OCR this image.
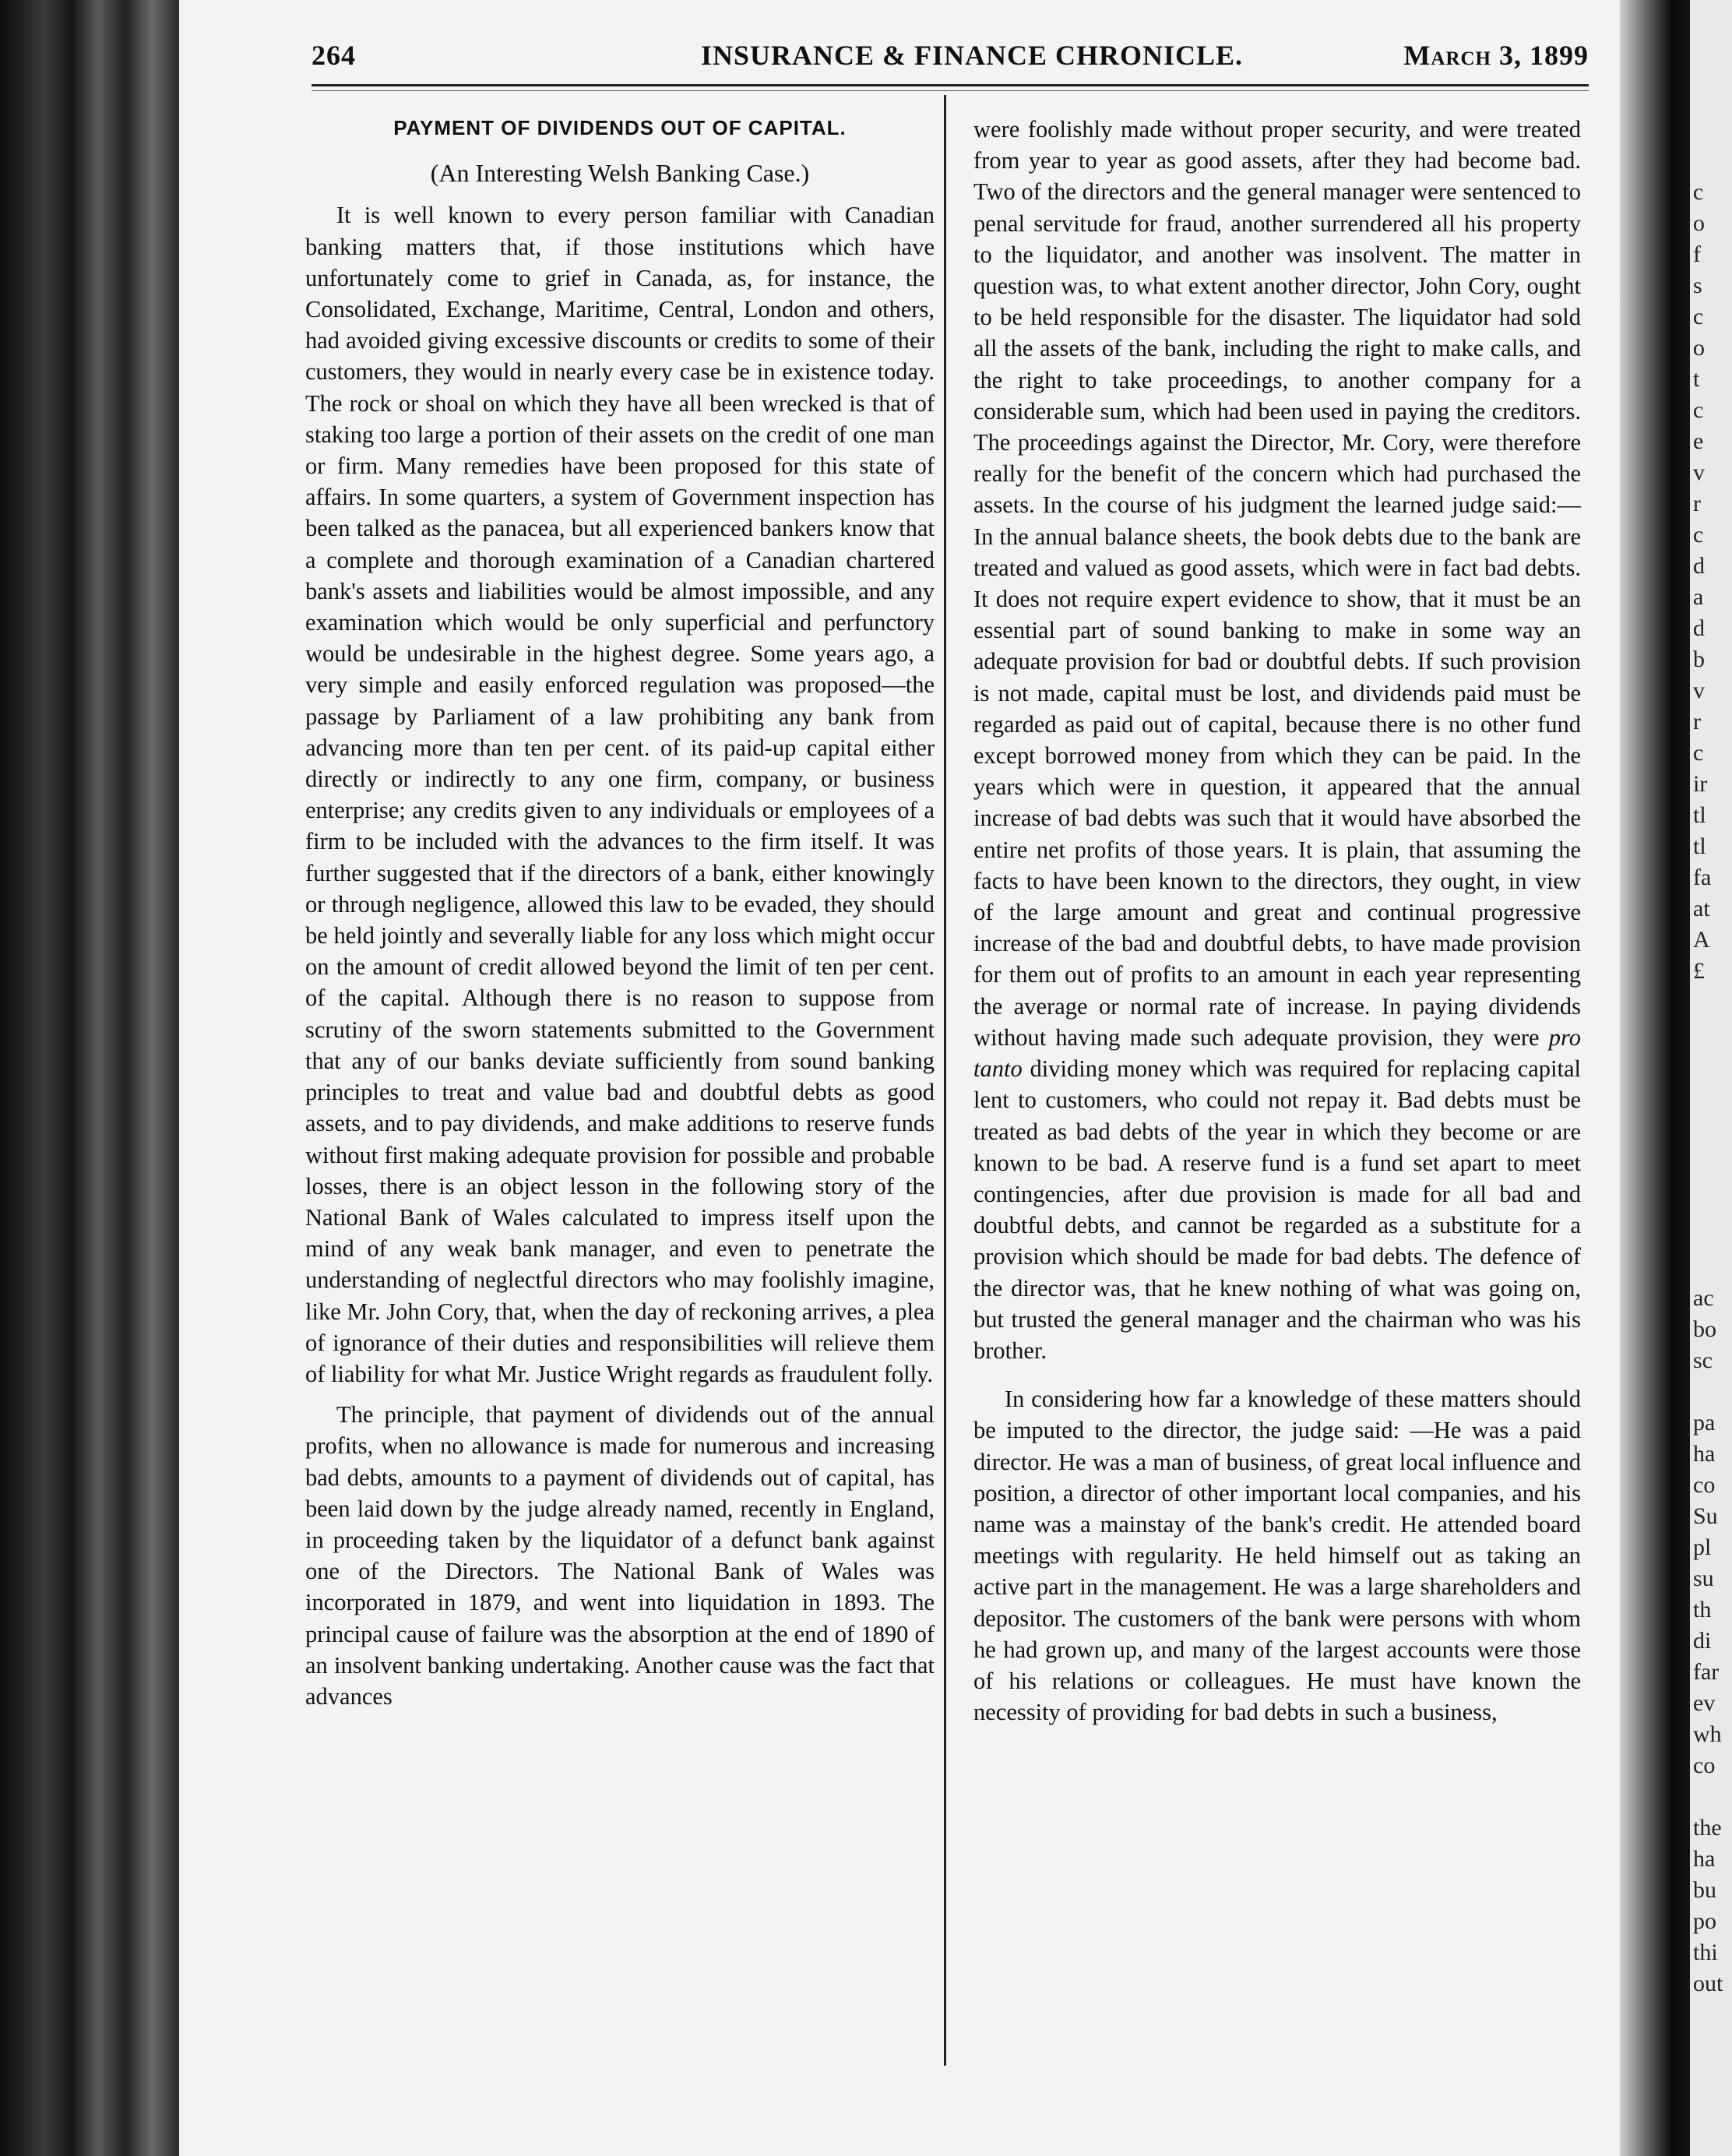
264	INSURANCE & FINANCE CHRONICLE.	March 3, 1899
PAYMENT OF DIVIDENDS OUT OF CAPITAL.
(An Interesting Welsh Banking Case.)

It is well known to every person familiar with Canadian banking matters that, if those institutions which have unfortunately come to grief in Canada, as, for instance, the Consolidated, Exchange, Maritime, Central, London and others, had avoided giving excessive discounts or credits to some of their customers, they would in nearly every case be in existence today. The rock or shoal on which they have all been wrecked is that of staking too large a portion of their assets on the credit of one man or firm. Many remedies have been proposed for this state of affairs. In some quarters, a system of Government inspection has been talked as the panacea, but all experienced bankers know that a complete and thorough examination of a Canadian chartered bank's assets and liabilities would be almost impossible, and any examination which would be only superficial and perfunctory would be undesirable in the highest degree. Some years ago, a very simple and easily enforced regulation was proposed—the passage by Parliament of a law prohibiting any bank from advancing more than ten per cent. of its paid-up capital either directly or indirectly to any one firm, company, or business enterprise; any credits given to any individuals or employees of a firm to be included with the advances to the firm itself. It was further suggested that if the directors of a bank, either knowingly or through negligence, allowed this law to be evaded, they should be held jointly and severally liable for any loss which might occur on the amount of credit allowed beyond the limit of ten per cent. of the capital. Although there is no reason to suppose from scrutiny of the sworn statements submitted to the Government that any of our banks deviate sufficiently from sound banking principles to treat and value bad and doubtful debts as good assets, and to pay dividends, and make additions to reserve funds without first making adequate provision for possible and probable losses, there is an object lesson in the following story of the National Bank of Wales calculated to impress itself upon the mind of any weak bank manager, and even to penetrate the understanding of neglectful directors who may foolishly imagine, like Mr. John Cory, that, when the day of reckoning arrives, a plea of ignorance of their duties and responsibilities will relieve them of liability for what Mr. Justice Wright regards as fraudulent folly.

The principle, that payment of dividends out of the annual profits, when no allowance is made for numerous and increasing bad debts, amounts to a payment of dividends out of capital, has been laid down by the judge already named, recently in England, in proceeding taken by the liquidator of a defunct bank against one of the Directors. The National Bank of Wales was incorporated in 1879, and went into liquidation in 1893. The principal cause of failure was the absorption at the end of 1890 of an insolvent banking undertaking. Another cause was the fact that advances

were foolishly made without proper security, and were treated from year to year as good assets, after they had become bad. Two of the directors and the general manager were sentenced to penal servitude for fraud, another surrendered all his property to the liquidator, and another was insolvent. The matter in question was, to what extent another director, John Cory, ought to be held responsible for the disaster. The liquidator had sold all the assets of the bank, including the right to make calls, and the right to take proceedings, to another company for a considerable sum, which had been used in paying the creditors. The proceedings against the Director, Mr. Cory, were therefore really for the benefit of the concern which had purchased the assets. In the course of his judgment the learned judge said:—In the annual balance sheets, the book debts due to the bank are treated and valued as good assets, which were in fact bad debts. It does not require expert evidence to show, that it must be an essential part of sound banking to make in some way an adequate provision for bad or doubtful debts. If such provision is not made, capital must be lost, and dividends paid must be regarded as paid out of capital, because there is no other fund except borrowed money from which they can be paid. In the years which were in question, it appeared that the annual increase of bad debts was such that it would have absorbed the entire net profits of those years. It is plain, that assuming the facts to have been known to the directors, they ought, in view of the large amount and great and continual progressive increase of the bad and doubtful debts, to have made provision for them out of profits to an amount in each year representing the average or normal rate of increase. In paying dividends without having made such adequate provision, they were pro tanto dividing money which was required for replacing capital lent to customers, who could not repay it. Bad debts must be treated as bad debts of the year in which they become or are known to be bad. A reserve fund is a fund set apart to meet contingencies, after due provision is made for all bad and doubtful debts, and cannot be regarded as a substitute for a provision which should be made for bad debts. The defence of the director was, that he knew nothing of what was going on, but trusted the general manager and the chairman who was his brother.

In considering how far a knowledge of these matters should be imputed to the director, the judge said: —He was a paid director. He was a man of business, of great local influence and position, a director of other important local companies, and his name was a mainstay of the bank's credit. He attended board meetings with regularity. He held himself out as taking an active part in the management. He was a large shareholders and depositor. The customers of the bank were persons with whom he had grown up, and many of the largest accounts were those of his relations or colleagues. He must have known the necessity of providing for bad debts in such a business,

c
o
f
s
c
o
t
c
e
v
r
c
d
a
d
b
v
r
c
ir
tl
tl
fa
at
A
£
ac
bo
sc
pa
ha
co
Su
pl
su
th
di
far
ev
wh
co
the
ha
bu
po
thi
out
